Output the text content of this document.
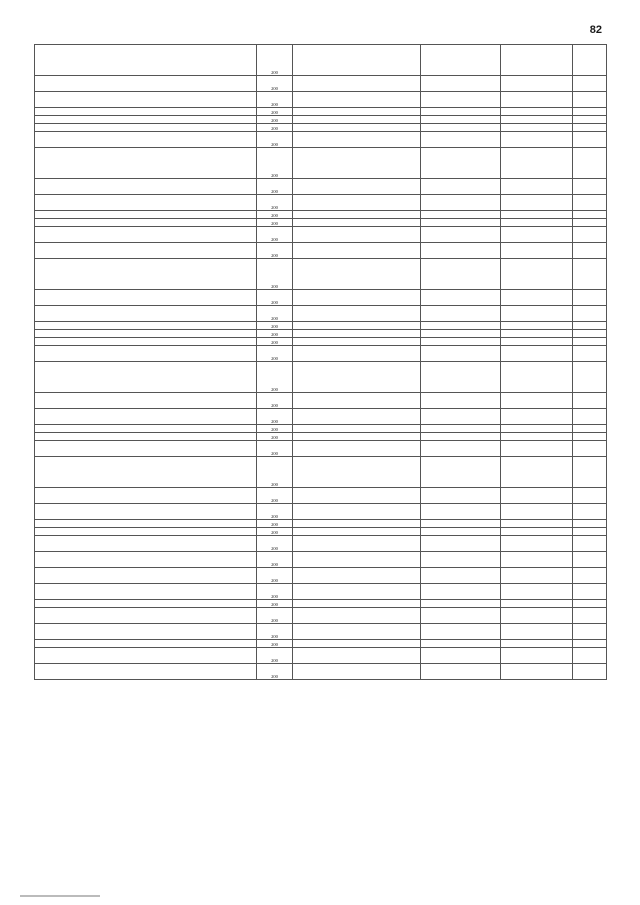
82
	200				
	200				
	200				
	200				
	200				
	200				
	200				
	200				
	200				
	200				
	200				
	200				
	200				
	200				
	200				
	200				
	200				
	200				
	200				
	200				
	200				
	200				
	200				
	200				
	200				
	200				
	200				
	200				
	200				
	200				
	200				
	200				
	200				
	200				
	200				
	200				
	200				
	200				
	200				
	200				
	200				
	200				
